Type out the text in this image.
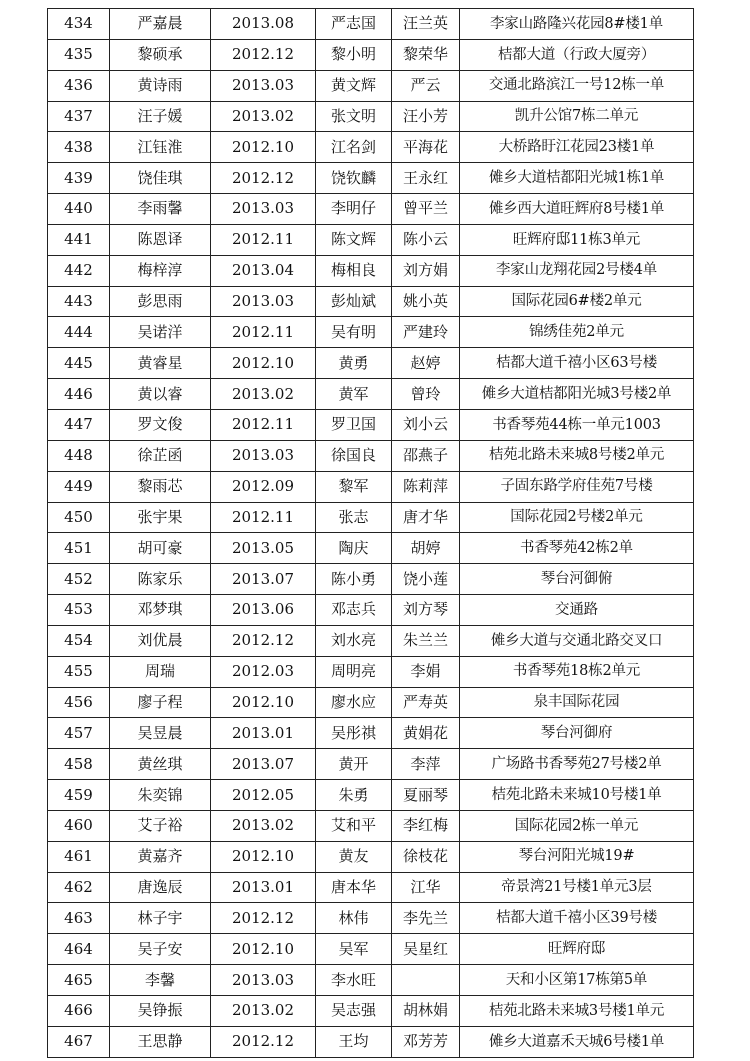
434	严嘉晨	2013.08	严志国	汪兰英	李家山路隆兴花园8#楼1单
435	黎硕承	2012.12	黎小明	黎荣华	桔都大道（行政大厦旁）
436	黄诗雨	2013.03	黄文辉	严云	交通北路滨江一号12栋一单
437	汪子媛	2013.02	张文明	汪小芳	凯升公馆7栋二单元
438	江钰淮	2012.10	江名剑	平海花	大桥路盱江花园23楼1单
439	饶佳琪	2012.12	饶钦麟	王永红	傩乡大道桔都阳光城1栋1单
440	李雨馨	2013.03	李明仔	曾平兰	傩乡西大道旺辉府8号楼1单
441	陈恩译	2012.11	陈文辉	陈小云	旺辉府邸11栋3单元
442	梅梓淳	2013.04	梅相良	刘方娟	李家山龙翔花园2号楼4单
443	彭思雨	2013.03	彭灿斌	姚小英	国际花园6#楼2单元
444	吴诺洋	2012.11	吴有明	严建玲	锦绣佳苑2单元
445	黄睿星	2012.10	黄勇	赵婷	桔都大道千禧小区63号楼
446	黄以睿	2013.02	黄军	曾玲	傩乡大道桔都阳光城3号楼2单
447	罗文俊	2012.11	罗卫国	刘小云	书香琴苑44栋一单元1003
448	徐芷函	2013.03	徐国良	邵燕子	桔苑北路未来城8号楼2单元
449	黎雨芯	2012.09	黎军	陈莉萍	子固东路学府佳苑7号楼
450	张宇果	2012.11	张志	唐才华	国际花园2号楼2单元
451	胡可豪	2013.05	陶庆	胡婷	书香琴苑42栋2单
452	陈家乐	2013.07	陈小勇	饶小莲	琴台河御俯
453	邓梦琪	2013.06	邓志兵	刘方琴	交通路
454	刘优晨	2012.12	刘水亮	朱兰兰	傩乡大道与交通北路交叉口
455	周瑞	2012.03	周明亮	李娟	书香琴苑18栋2单元
456	廖子程	2012.10	廖水应	严寿英	泉丰国际花园
457	吴昱晨	2013.01	吴彤祺	黄娟花	琴台河御府
458	黄丝琪	2013.07	黄开	李萍	广场路书香琴苑27号楼2单
459	朱奕锦	2012.05	朱勇	夏丽琴	桔苑北路未来城10号楼1单
460	艾子裕	2013.02	艾和平	李红梅	国际花园2栋一单元
461	黄嘉齐	2012.10	黄友	徐枝花	琴台河阳光城19#
462	唐逸辰	2013.01	唐本华	江华	帝景湾21号楼1单元3层
463	林子宇	2012.12	林伟	李先兰	桔都大道千禧小区39号楼
464	吴子安	2012.10	吴军	吴星红	旺辉府邸
465	李馨	2013.03	李水旺		天和小区第17栋第5单
466	吴铮振	2013.02	吴志强	胡林娟	桔苑北路未来城3号楼1单元
467	王思静	2012.12	王均	邓芳芳	傩乡大道嘉禾天城6号楼1单
